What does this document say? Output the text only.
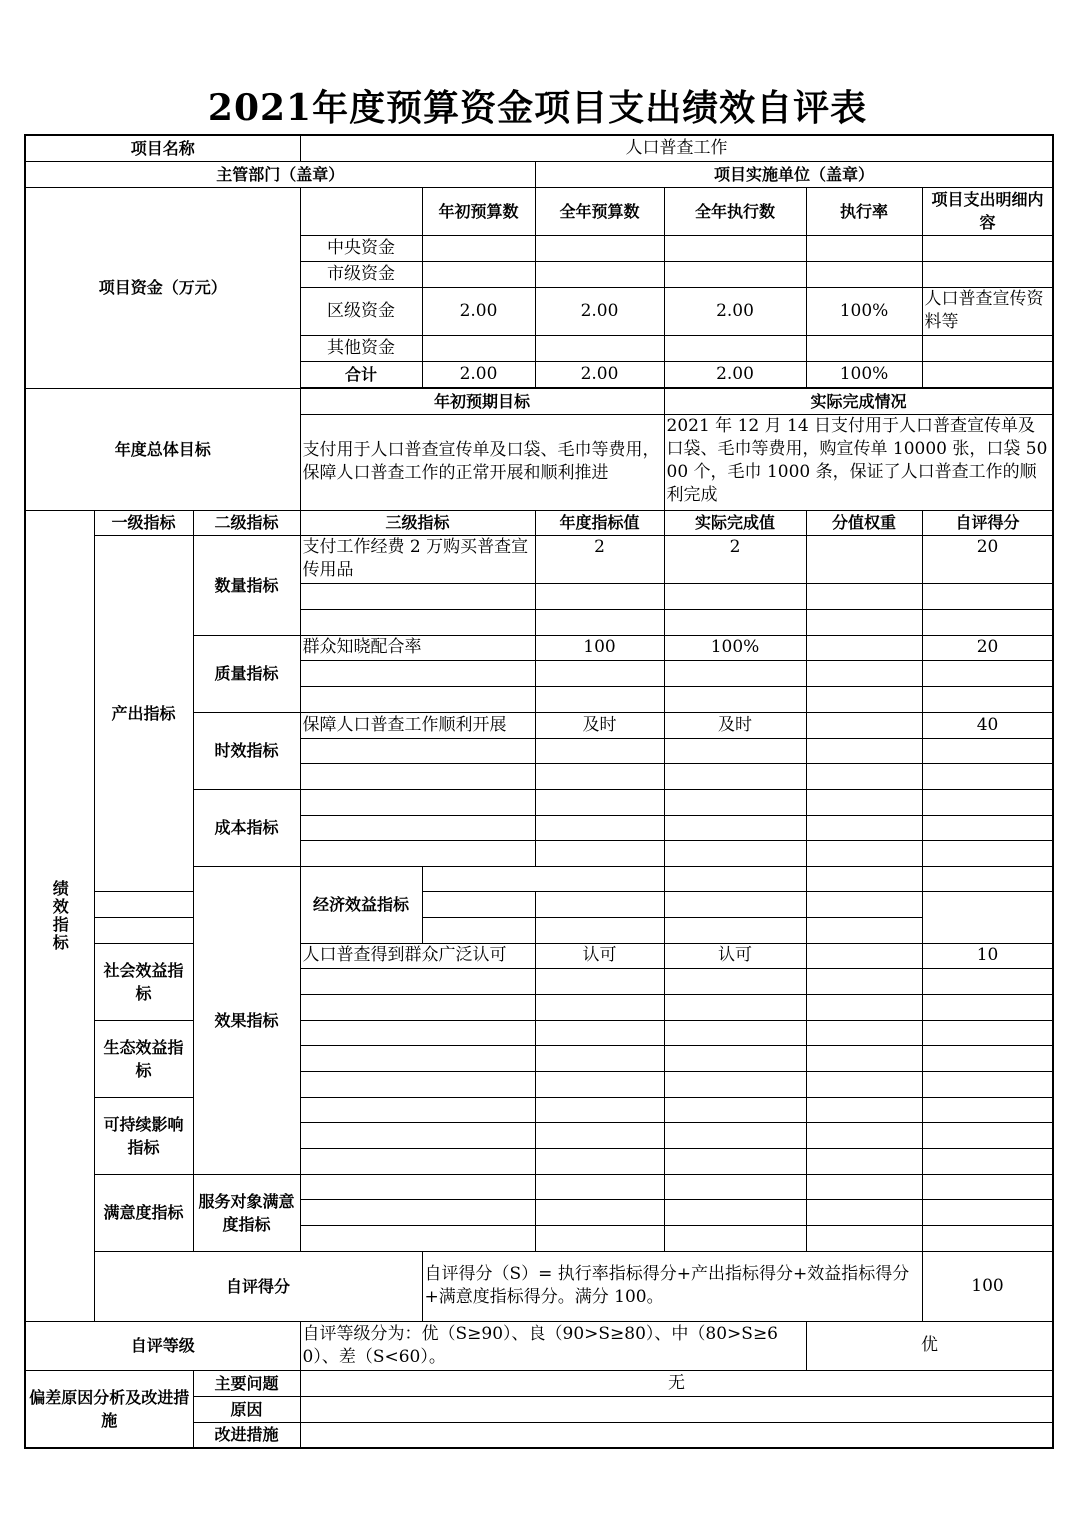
2021年度预算资金项目支出绩效自评表
项目名称			人口普查工作						
主管部门（盖章）					项目实施单位（盖章）				
项目资金（万元）				年初预算数	全年预算数	全年执行数	执行率	项目支出明细内容	
			中央资金						
			市级资金						
			区级资金	2.00	2.00	2.00	100%	人口普查宣传资料等	
			其他资金						
			合计	2.00	2.00	2.00	100%		

年度总体目标			年初预期目标			实际完成情况			
			支付用于人口普查宣传单及口袋、毛巾等费用，保障人口普查工作的正常开展和顺利推进			2021 年 12 月 14 日支付用于人口普查宣传单及口袋、毛巾等费用，购宣传单 10000 张，口袋 5000 个，毛巾 1000 条，保证了人口普查工作的顺利完成			

绩效指标	一级指标	二级指标	三级指标		年度指标值	实际完成值	分值权重	自评得分	
	产出指标	数量指标	支付工作经费 2 万购买普查宣传用品		2	2		20	

		质量指标	群众知晓配合率		100	100%		20	

		时效指标	保障人口普查工作顺利开展		及时	及时		40	

		成本指标							

		效果指标	经济效益指标						

	社会效益指标		人口普查得到群众广泛认可		认可	认可		10	

	生态效益指标								

	可持续影响指标								

	满意度指标	服务对象满意度指标							

	自评得分			自评得分（S）= 执行率指标得分+产出指标得分+效益指标得分+满意度指标得分。满分 100。				100	
自评等级			自评等级分为：优（S≥90）、良（90>S≥80）、中（80>S≥60）、差（S<60）。				优		
偏差原因分析及改进措施		主要问题	无						
		原因							
		改进措施							
